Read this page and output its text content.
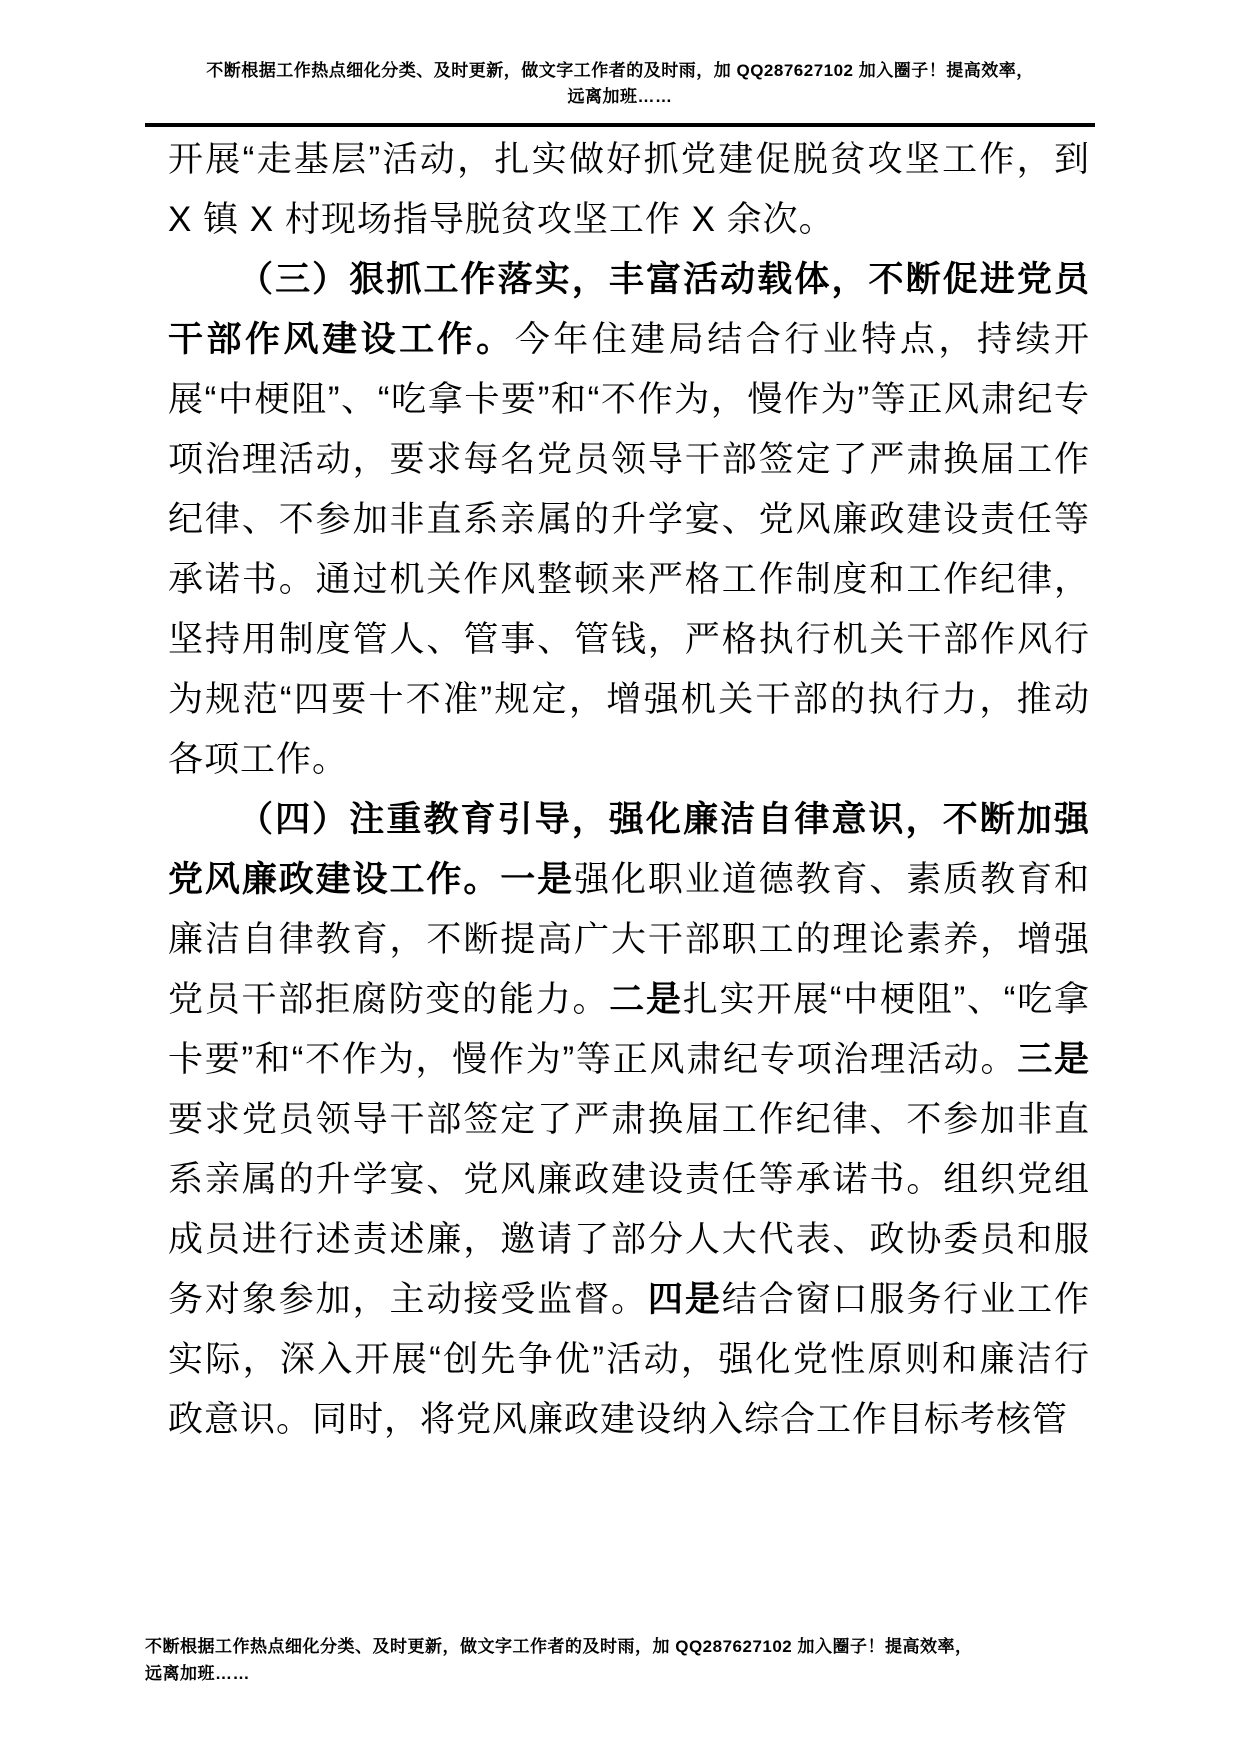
不断根据工作热点细化分类、及时更新，做文字工作者的及时雨，加 QQ287627102 加入圈子！提高效率，
远离加班……

开展“走基层”活动，扎实做好抓党建促脱贫攻坚工作，到 X 镇 X 村现场指导脱贫攻坚工作 X 余次。

（三）狠抓工作落实，丰富活动载体，不断促进党员干部作风建设工作。今年住建局结合行业特点，持续开展“中梗阻”、“吃拿卡要”和“不作为，慢作为”等正风肃纪专项治理活动，要求每名党员领导干部签定了严肃换届工作纪律、不参加非直系亲属的升学宴、党风廉政建设责任等承诺书。通过机关作风整顿来严格工作制度和工作纪律，坚持用制度管人、管事、管钱，严格执行机关干部作风行为规范“四要十不准”规定，增强机关干部的执行力，推动各项工作。

（四）注重教育引导，强化廉洁自律意识，不断加强党风廉政建设工作。一是强化职业道德教育、素质教育和廉洁自律教育，不断提高广大干部职工的理论素养，增强党员干部拒腐防变的能力。二是扎实开展“中梗阻”、“吃拿卡要”和“不作为，慢作为”等正风肃纪专项治理活动。三是要求党员领导干部签定了严肃换届工作纪律、不参加非直系亲属的升学宴、党风廉政建设责任等承诺书。组织党组成员进行述责述廉，邀请了部分人大代表、政协委员和服务对象参加，主动接受监督。四是结合窗口服务行业工作实际，深入开展“创先争优”活动，强化党性原则和廉洁行政意识。同时，将党风廉政建设纳入综合工作目标考核管

不断根据工作热点细化分类、及时更新，做文字工作者的及时雨，加 QQ287627102 加入圈子！提高效率，
远离加班……
